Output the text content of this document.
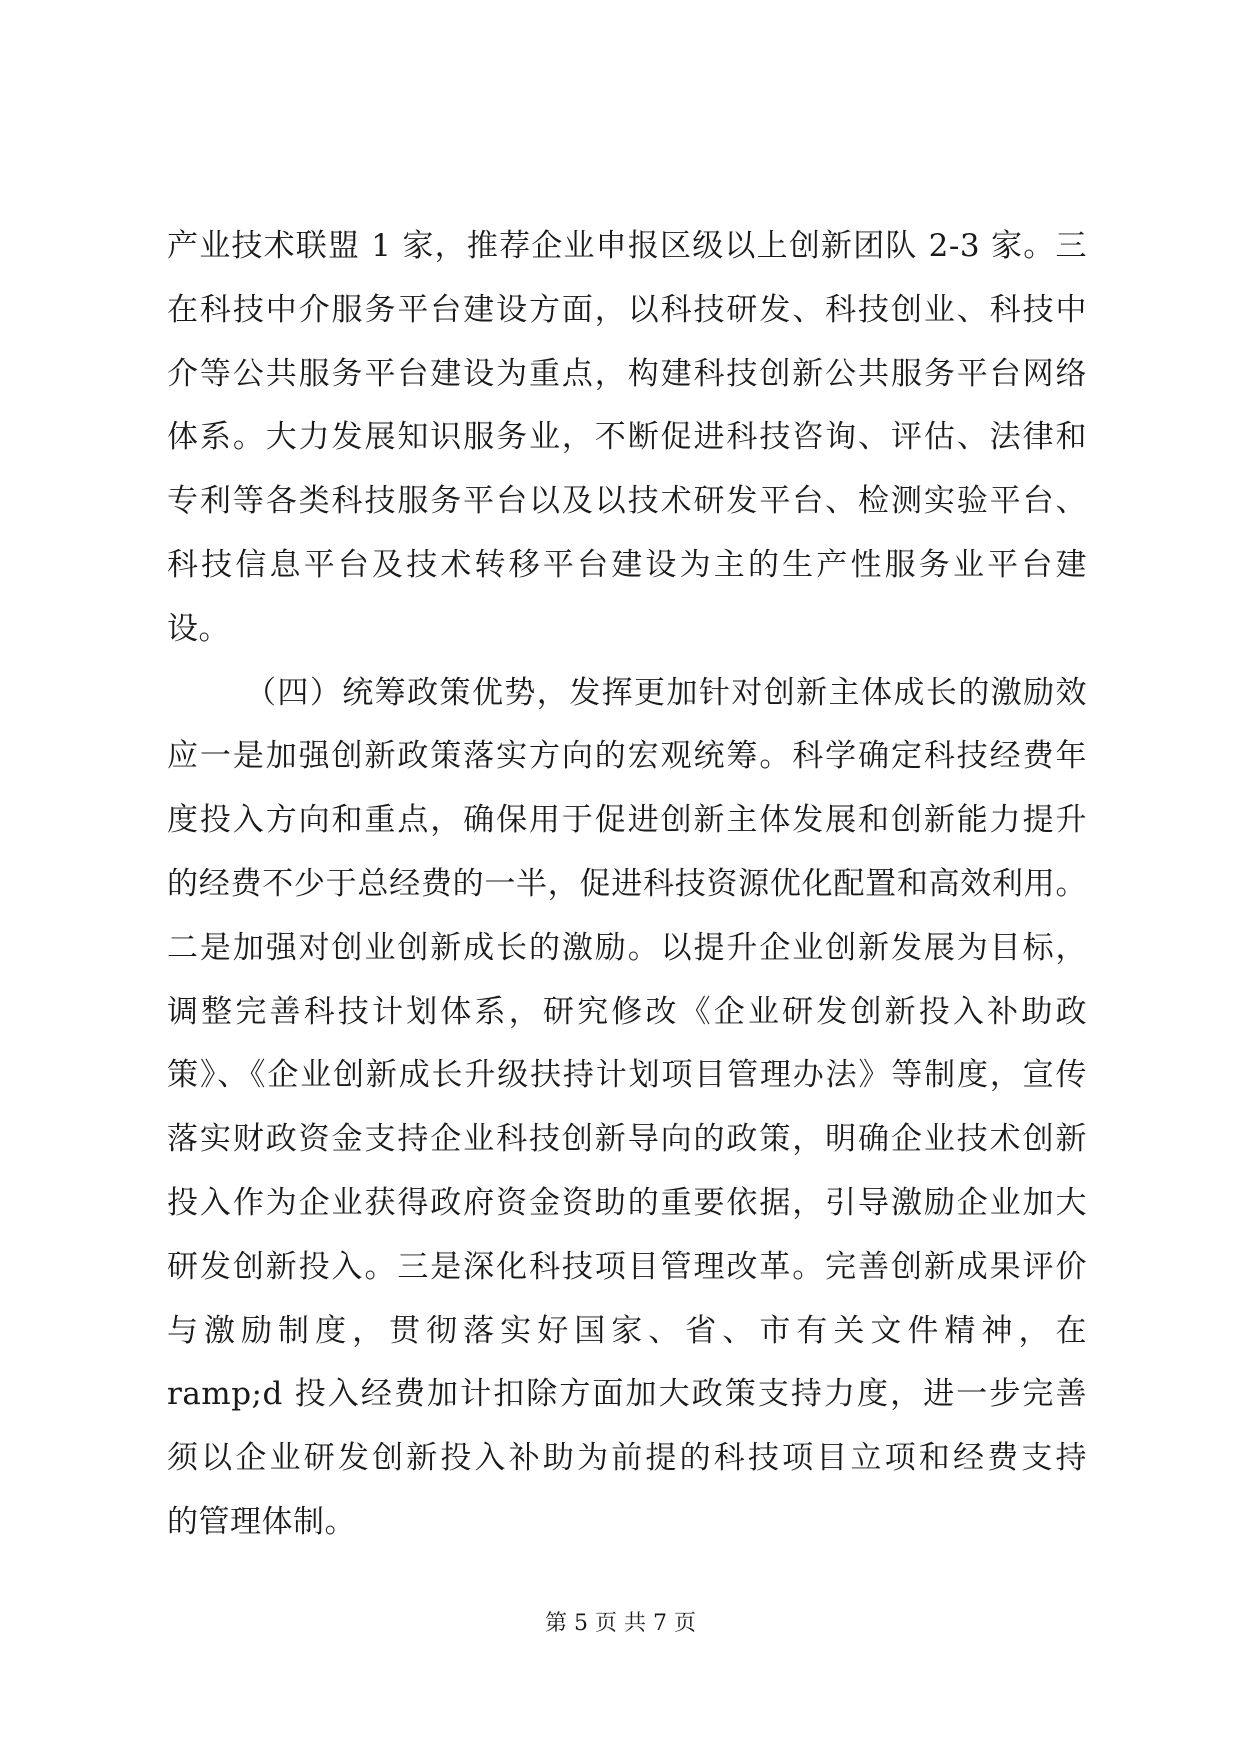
产业技术联盟 1 家，推荐企业申报区级以上创新团队 2-3 家。三
在科技中介服务平台建设方面，以科技研发、科技创业、科技中
介等公共服务平台建设为重点，构建科技创新公共服务平台网络
体系。大力发展知识服务业，不断促进科技咨询、评估、法律和
专利等各类科技服务平台以及以技术研发平台、检测实验平台、
科技信息平台及技术转移平台建设为主的生产性服务业平台建
设。
（四）统筹政策优势，发挥更加针对创新主体成长的激励效
应一是加强创新政策落实方向的宏观统筹。科学确定科技经费年
度投入方向和重点，确保用于促进创新主体发展和创新能力提升
的经费不少于总经费的一半，促进科技资源优化配置和高效利用。
二是加强对创业创新成长的激励。以提升企业创新发展为目标，
调整完善科技计划体系，研究修改《企业研发创新投入补助政
策》、《企业创新成长升级扶持计划项目管理办法》等制度，宣传
落实财政资金支持企业科技创新导向的政策，明确企业技术创新
投入作为企业获得政府资金资助的重要依据，引导激励企业加大
研发创新投入。三是深化科技项目管理改革。完善创新成果评价
与激励制度，贯彻落实好国家、省、市有关文件精神，在
ramp;d 投入经费加计扣除方面加大政策支持力度，进一步完善
须以企业研发创新投入补助为前提的科技项目立项和经费支持
的管理体制。
第 5 页 共 7 页
